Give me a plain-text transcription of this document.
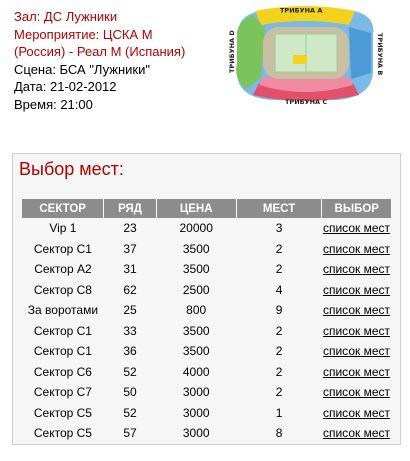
Зал: ДС Лужники
Мероприятие: ЦСКА М
(Россия) - Реал М (Испания)
Сцена: БСА "Лужники"
Дата: 21-02-2012
Время: 21:00
ТРИБУНА А
ТРИБУНА С
ТРИБУНА В
ТРИБУНА D
Выбор мест:
СЕКТОР	РЯД	ЦЕНА	МЕСТ	ВЫБОР
Vip 1	23	20000	3	список мест
Сектор С1	37	3500	2	список мест
Сектор А2	31	3500	2	список мест
Сектор С8	62	2500	4	список мест
За воротами	25	800	9	список мест
Сектор С1	33	3500	2	список мест
Сектор С1	36	3500	2	список мест
Сектор С6	52	4000	2	список мест
Сектор С7	50	3000	2	список мест
Сектор С5	52	3000	1	список мест
Сектор С5	57	3000	8	список мест
